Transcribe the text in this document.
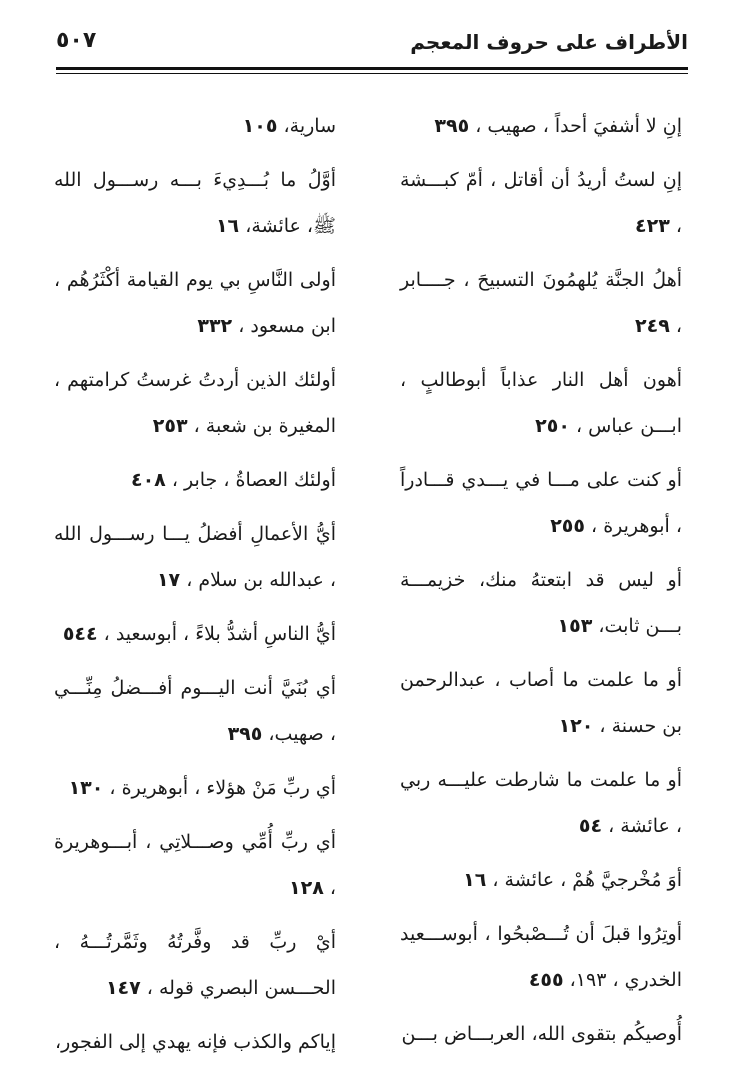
الأطراف على حروف المعجم
٥٠٧

إنِ لا أشفيَ أحداً ، صهيب ، ٣٩٥

إنِ لستُ أريدُ أن أقاتل ، أمّ كبـــشة ، ٤٢٣

أهلُ الجنَّة يُلهمُونَ التسبيحَ ، جــــابر ، ٢٤٩

أهون أهل النار عذاباً أبوطالبٍ ، ابـــن عباس ، ٢٥٠

أو كنت على مـــا في يـــدي قـــادراً ، أبوهريرة ، ٢٥٥

أو ليس قد ابتعتهُ منك، خزيمـــة بـــن ثابت، ١٥٣

أو ما علمت ما أصاب ، عبدالرحمن بن حسنة ، ١٢٠

أو ما علمت ما شارطت عليـــه ربي ، عائشة ، ٥٤

أوَ مُخْرجيَّ هُمْ ، عائشة ، ١٦

أوتِرُوا قبلَ أن تُـــصْبحُوا ، أبوســـعيد الخدري ، ١٩٣، ٤٥٥

أُوصيكُم بتقوى الله، العربـــاض بـــن

سارية، ١٠٥

أوَّلُ ما بُـــدِيءَ بـــه رســـول الله ﷺ، عائشة، ١٦

أولى النَّاسِ بي يوم القيامة أكْثَرُهُم ، ابن مسعود ، ٣٣٢

أولئك الذين أردتُ غرستُ كرامتهم ، المغيرة بن شعبة ، ٢٥٣

أولئك العصاةُ ، جابر ، ٤٠٨

أيُّ الأعمالِ أفضلُ يـــا رســـول الله ، عبدالله بن سلام ، ١٧

أيُّ الناسِ أشدُّ بلاءً ، أبوسعيد ، ٥٤٤

أي بُنَيَّ أنت اليـــوم أفـــضلُ مِنِّـــي ، صهيب، ٣٩٥

أي ربِّ مَنْ هؤلاء ، أبوهريرة ، ١٣٠

أي ربِّ أُمِّي وصـــلاتِي ، أبـــوهريرة ، ١٢٨

أيْ ربِّ قد وفَّرتُهُ وثَمَّرتُـــهُ ، الحـــسن البصري قوله ، ١٤٧

إياكم والكذب فإنه يهدي إلى الفجور،
